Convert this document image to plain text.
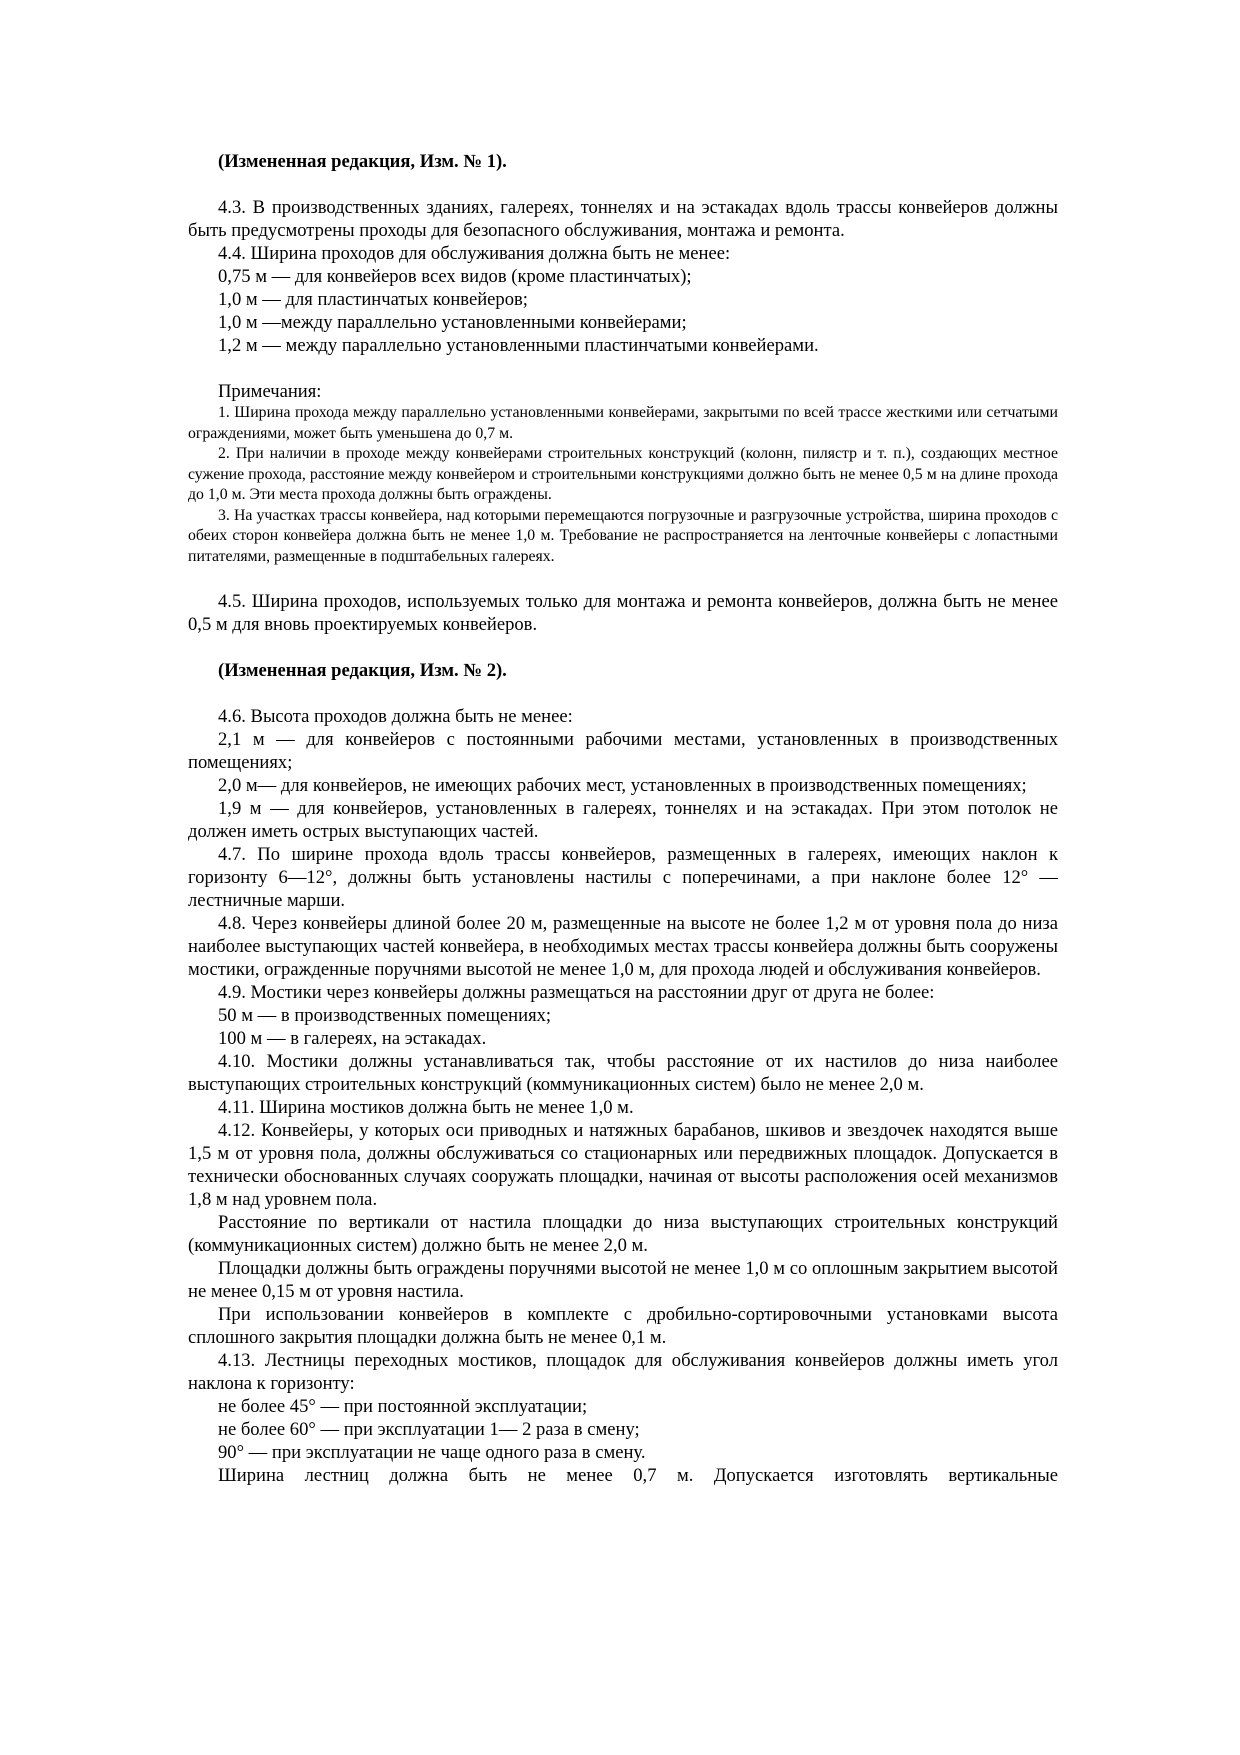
(Измененная редакция, Изм. № 1).

4.3. В производственных зданиях, галереях, тоннелях и на эстакадах вдоль трассы конвейеров должны быть предусмотрены проходы для безопасного обслуживания, монтажа и ремонта.

4.4. Ширина проходов для обслуживания должна быть не менее:

0,75 м — для конвейеров всех видов (кроме пластинчатых);

1,0 м — для пластинчатых конвейеров;

1,0 м —между параллельно установленными конвейерами;

1,2 м — между параллельно установленными пластинчатыми конвейерами.

Примечания:

1. Ширина прохода между параллельно установленными конвейерами, закрытыми по всей трассе жесткими или сетчатыми ограждениями, может быть уменьшена до 0,7 м.

2. При наличии в проходе между конвейерами строительных конструкций (колонн, пилястр и т. п.), создающих местное сужение прохода, расстояние между конвейером и строительными конструкциями должно быть не менее 0,5 м на длине прохода до 1,0 м. Эти места прохода должны быть ограждены.

3. На участках трассы конвейера, над которыми перемещаются погрузочные и разгрузочные устройства, ширина проходов с обеих сторон конвейера должна быть не менее 1,0 м. Требование не распространяется на ленточные конвейеры с лопастными питателями, размещенные в подштабельных галереях.

4.5. Ширина проходов, используемых только для монтажа и ремонта конвейеров, должна быть не менее 0,5 м для вновь проектируемых конвейеров.

(Измененная редакция, Изм. № 2).

4.6. Высота проходов должна быть не менее:

2,1 м — для конвейеров с постоянными рабочими местами, установленных в производственных помещениях;

2,0 м— для конвейеров, не имеющих рабочих мест, установленных в производственных помещениях;

1,9 м — для конвейеров, установленных в галереях, тоннелях и на эстакадах. При этом потолок не должен иметь острых выступающих частей.

4.7. По ширине прохода вдоль трассы конвейеров, размещенных в галереях, имеющих наклон к горизонту 6—12°, должны быть установлены настилы с поперечинами, а при наклоне более 12° — лестничные марши.

4.8. Через конвейеры длиной более 20 м, размещенные на высоте не более 1,2 м от уровня пола до низа наиболее выступающих частей конвейера, в необходимых местах трассы конвейера должны быть сооружены мостики, огражденные поручнями высотой не менее 1,0 м, для прохода людей и обслуживания конвейеров.

4.9. Мостики через конвейеры должны размещаться на расстоянии друг от друга не более:

50 м — в производственных помещениях;

100 м — в галереях, на эстакадах.

4.10. Мостики должны устанавливаться так, чтобы расстояние от их настилов до низа наиболее выступающих строительных конструкций (коммуникационных систем) было не менее 2,0 м.

4.11. Ширина мостиков должна быть не менее 1,0 м.

4.12. Конвейеры, у которых оси приводных и натяжных барабанов, шкивов и звездочек находятся выше 1,5 м от уровня пола, должны обслуживаться со стационарных или передвижных площадок. Допускается в технически обоснованных случаях сооружать площадки, начиная от высоты расположения осей механизмов 1,8 м над уровнем пола.

Расстояние по вертикали от настила площадки до низа выступающих строительных конструкций (коммуникационных систем) должно быть не менее 2,0 м.

Площадки должны быть ограждены поручнями высотой не менее 1,0 м со оплошным закрытием высотой не менее 0,15 м от уровня настила.

При использовании конвейеров в комплекте с дробильно-сортировочными установками высота сплошного закрытия площадки должна быть не менее 0,1 м.

4.13. Лестницы переходных мостиков, площадок для обслуживания конвейеров должны иметь угол наклона к горизонту:

не более 45° — при постоянной эксплуатации;

не более 60° — при эксплуатации 1— 2 раза в смену;

90° — при эксплуатации не чаще одного раза в смену.

Ширина лестниц должна быть не менее 0,7 м. Допускается изготовлять вертикальные
